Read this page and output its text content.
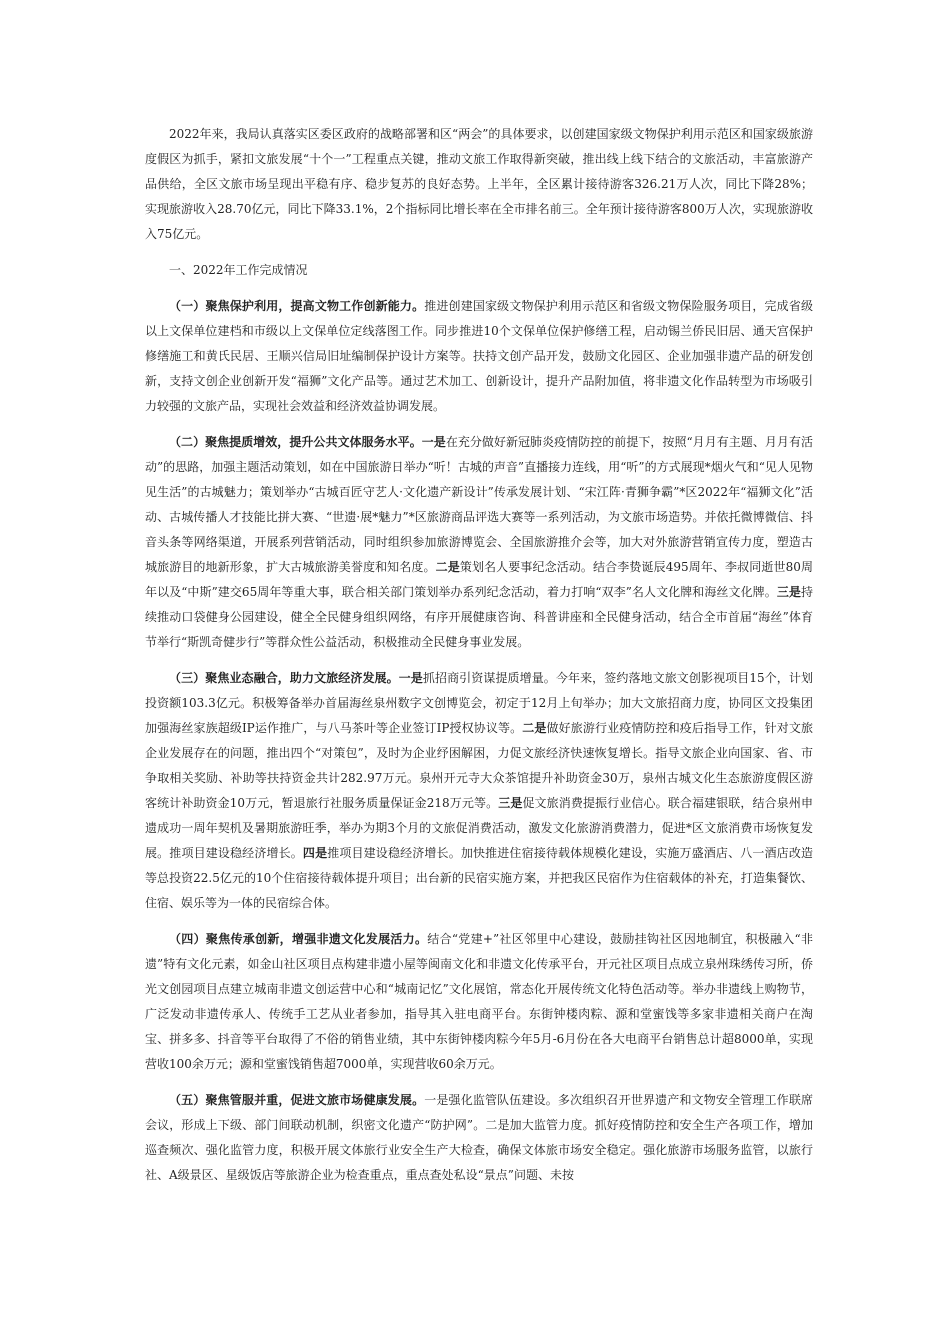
2022年来，我局认真落实区委区政府的战略部署和区“两会”的具体要求，以创建国家级文物保护利用示范区和国家级旅游度假区为抓手，紧扣文旅发展“十个一”工程重点关键，推动文旅工作取得新突破，推出线上线下结合的文旅活动，丰富旅游产品供给，全区文旅市场呈现出平稳有序、稳步复苏的良好态势。上半年，全区累计接待游客326.21万人次，同比下降28%；实现旅游收入28.70亿元，同比下降33.1%，2个指标同比增长率在全市排名前三。全年预计接待游客800万人次，实现旅游收入75亿元。

一、2022年工作完成情况

（一）聚焦保护利用，提高文物工作创新能力。推进创建国家级文物保护利用示范区和省级文物保险服务项目，完成省级以上文保单位建档和市级以上文保单位定线落图工作。同步推进10个文保单位保护修缮工程，启动锡兰侨民旧居、通天宫保护修缮施工和黄氏民居、王顺兴信局旧址编制保护设计方案等。扶持文创产品开发，鼓励文化园区、企业加强非遗产品的研发创新，支持文创企业创新开发“福狮”文化产品等。通过艺术加工、创新设计，提升产品附加值，将非遗文化作品转型为市场吸引力较强的文旅产品，实现社会效益和经济效益协调发展。

（二）聚焦提质增效，提升公共文体服务水平。一是在充分做好新冠肺炎疫情防控的前提下，按照“月月有主题、月月有活动”的思路，加强主题活动策划，如在中国旅游日举办“听！古城的声音”直播接力连线，用“听”的方式展现*烟火气和“见人见物见生活”的古城魅力；策划举办“古城百匠守艺人·文化遗产新设计”传承发展计划、“宋江阵·青狮争霸”*区2022年“福狮文化”活动、古城传播人才技能比拼大赛、“世遗·展*魅力”*区旅游商品评选大赛等一系列活动，为文旅市场造势。并依托微博微信、抖音头条等网络渠道，开展系列营销活动，同时组织参加旅游博览会、全国旅游推介会等，加大对外旅游营销宣传力度，塑造古城旅游目的地新形象，扩大古城旅游美誉度和知名度。二是策划名人要事纪念活动。结合李贽诞辰495周年、李叔同逝世80周年以及“中斯”建交65周年等重大事，联合相关部门策划举办系列纪念活动，着力打响“双李”名人文化牌和海丝文化牌。三是持续推动口袋健身公园建设，健全全民健身组织网络，有序开展健康咨询、科普讲座和全民健身活动，结合全市首届“海丝”体育节举行“斯凯奇健步行”等群众性公益活动，积极推动全民健身事业发展。

（三）聚焦业态融合，助力文旅经济发展。一是抓招商引资谋提质增量。今年来，签约落地文旅文创影视项目15个，计划投资额103.3亿元。积极筹备举办首届海丝泉州数字文创博览会，初定于12月上旬举办；加大文旅招商力度，协同区文投集团加强海丝家族超级IP运作推广，与八马茶叶等企业签订IP授权协议等。二是做好旅游行业疫情防控和疫后指导工作，针对文旅企业发展存在的问题，推出四个“对策包”，及时为企业纾困解困，力促文旅经济快速恢复增长。指导文旅企业向国家、省、市争取相关奖励、补助等扶持资金共计282.97万元。泉州开元寺大众茶馆提升补助资金30万，泉州古城文化生态旅游度假区游客统计补助资金10万元，暂退旅行社服务质量保证金218万元等。三是促文旅消费提振行业信心。联合福建银联，结合泉州申遗成功一周年契机及暑期旅游旺季，举办为期3个月的文旅促消费活动，激发文化旅游消费潜力，促进*区文旅消费市场恢复发展。推项目建设稳经济增长。四是推项目建设稳经济增长。加快推进住宿接待载体规模化建设，实施万盛酒店、八一酒店改造等总投资22.5亿元的10个住宿接待载体提升项目；出台新的民宿实施方案，并把我区民宿作为住宿载体的补充，打造集餐饮、住宿、娱乐等为一体的民宿综合体。

（四）聚焦传承创新，增强非遗文化发展活力。结合“党建+”社区邻里中心建设，鼓励挂钩社区因地制宜，积极融入“非遗”特有文化元素，如金山社区项目点构建非遗小屋等闽南文化和非遗文化传承平台，开元社区项目点成立泉州珠绣传习所，侨光文创园项目点建立城南非遗文创运营中心和“城南记忆”文化展馆，常态化开展传统文化特色活动等。举办非遗线上购物节，广泛发动非遗传承人、传统手工艺从业者参加，指导其入驻电商平台。东街钟楼肉粽、源和堂蜜饯等多家非遗相关商户在淘宝、拼多多、抖音等平台取得了不俗的销售业绩，其中东街钟楼肉粽今年5月-6月份在各大电商平台销售总计超8000单，实现营收100余万元；源和堂蜜饯销售超7000单，实现营收60余万元。

（五）聚焦管服并重，促进文旅市场健康发展。一是强化监管队伍建设。多次组织召开世界遗产和文物安全管理工作联席会议，形成上下级、部门间联动机制，织密文化遗产“防护网”。二是加大监管力度。抓好疫情防控和安全生产各项工作，增加巡查频次、强化监管力度，积极开展文体旅行业安全生产大检查，确保文体旅市场安全稳定。强化旅游市场服务监管，以旅行社、A级景区、星级饭店等旅游企业为检查重点，重点查处私设“景点”问题、未按
